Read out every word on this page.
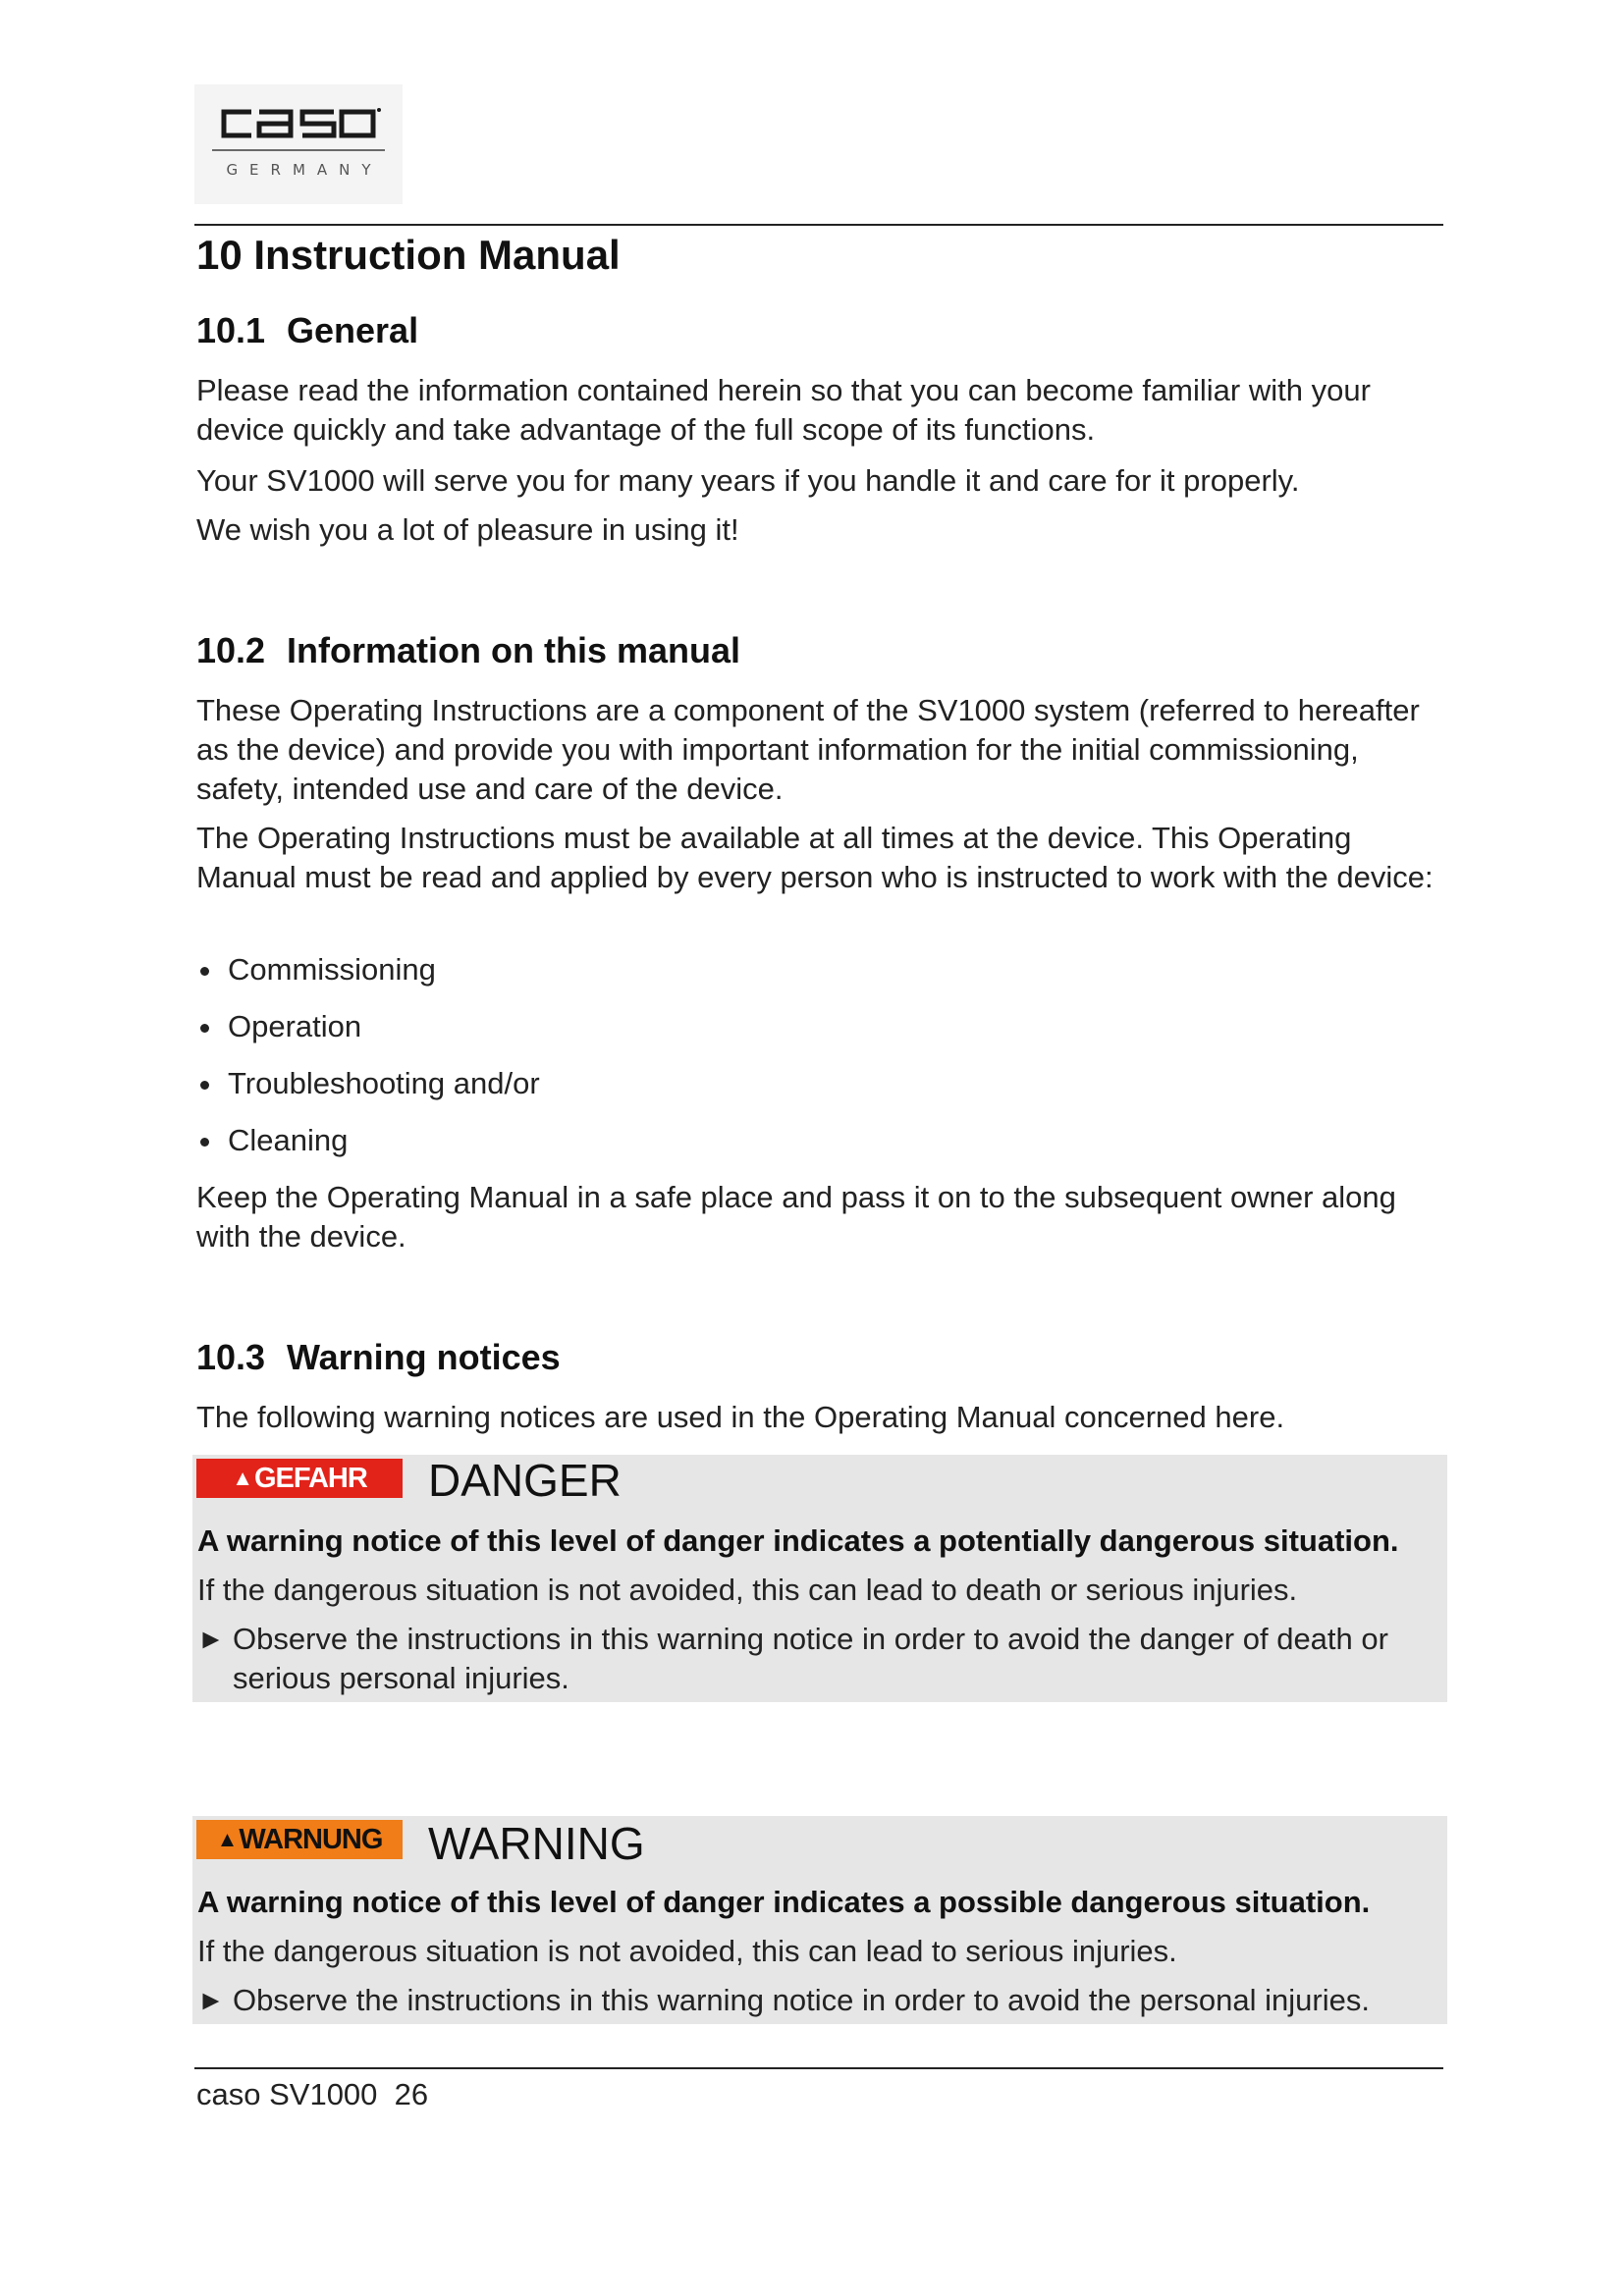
GERMANY
10 Instruction Manual
10.1 General

Please read the information contained herein so that you can become familiar with your device quickly and take advantage of the full scope of its functions.

Your SV1000 will serve you for many years if you handle it and care for it properly.

We wish you a lot of pleasure in using it!

10.2 Information on this manual

These Operating Instructions are a component of the SV1000 system (referred to hereafter as the device) and provide you with important information for the initial commissioning, safety, intended use and care of the device.

The Operating Instructions must be available at all times at the device. This Operating Manual must be read and applied by every person who is instructed to work with the device:

Commissioning
Operation
Troubleshooting and/or
Cleaning

Keep the Operating Manual in a safe place and pass it on to the subsequent owner along with the device.

10.3 Warning notices

The following warning notices are used in the Operating Manual concerned here.

▲GEFAHR	DANGER
A warning notice of this level of danger indicates a potentially dangerous situation.
If the dangerous situation is not avoided, this can lead to death or serious injuries.
► Observe the instructions in this warning notice in order to avoid the danger of death or serious personal injuries.
▲WARNUNG	WARNING
A warning notice of this level of danger indicates a possible dangerous situation.
If the dangerous situation is not avoided, this can lead to serious injuries.
► Observe the instructions in this warning notice in order to avoid the personal injuries.
caso SV1000 26
